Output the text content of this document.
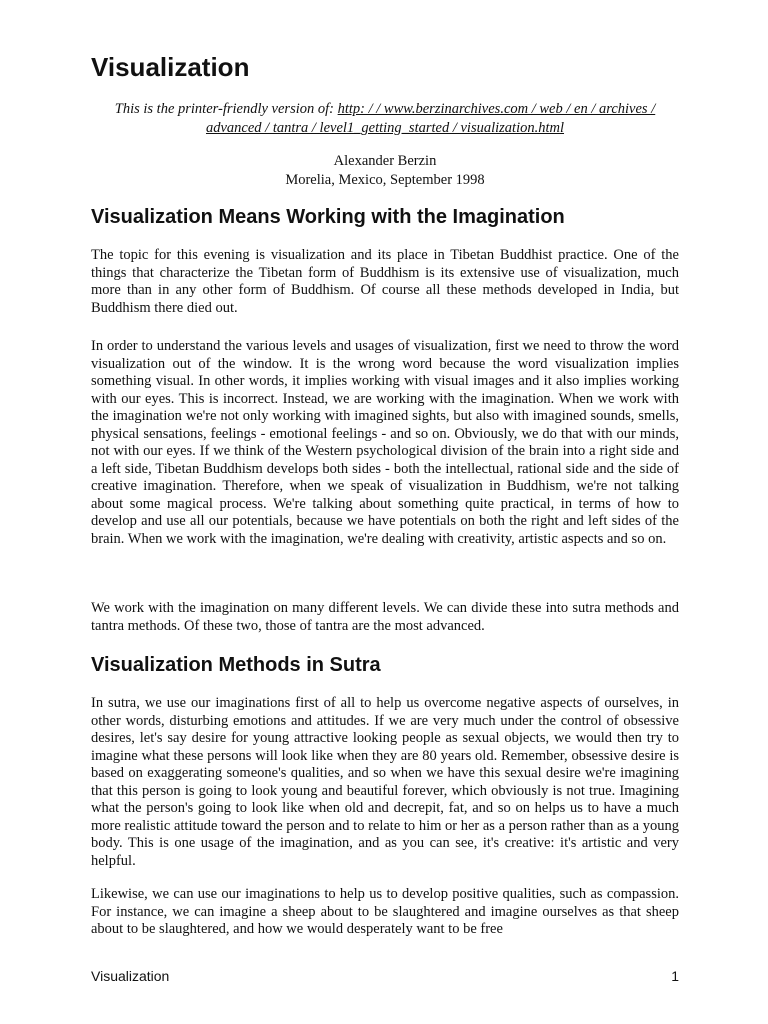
Visualization
This is the printer-friendly version of: http: / / www.berzinarchives.com / web / en / archives /
advanced / tantra / level1_getting_started / visualization.html
Alexander Berzin
Morelia, Mexico, September 1998
Visualization Means Working with the Imagination

The topic for this evening is visualization and its place in Tibetan Buddhist practice. One of the things that characterize the Tibetan form of Buddhism is its extensive use of visualization, much more than in any other form of Buddhism. Of course all these methods developed in India, but Buddhism there died out.

In order to understand the various levels and usages of visualization, first we need to throw the word visualization out of the window. It is the wrong word because the word visualization implies something visual. In other words, it implies working with visual images and it also implies working with our eyes. This is incorrect. Instead, we are working with the imagination. When we work with the imagination we're not only working with imagined sights, but also with imagined sounds, smells, physical sensations, feelings - emotional feelings - and so on. Obviously, we do that with our minds, not with our eyes. If we think of the Western psychological division of the brain into a right side and a left side, Tibetan Buddhism develops both sides - both the intellectual, rational side and the side of creative imagination. Therefore, when we speak of visualization in Buddhism, we're not talking about some magical process. We're talking about something quite practical, in terms of how to develop and use all our potentials, because we have potentials on both the right and left sides of the brain. When we work with the imagination, we're dealing with creativity, artistic aspects and so on.

We work with the imagination on many different levels. We can divide these into sutra methods and tantra methods. Of these two, those of tantra are the most advanced.

Visualization Methods in Sutra

In sutra, we use our imaginations first of all to help us overcome negative aspects of ourselves, in other words, disturbing emotions and attitudes. If we are very much under the control of obsessive desires, let's say desire for young attractive looking people as sexual objects, we would then try to imagine what these persons will look like when they are 80 years old. Remember, obsessive desire is based on exaggerating someone's qualities, and so when we have this sexual desire we're imagining that this person is going to look young and beautiful forever, which obviously is not true. Imagining what the person's going to look like when old and decrepit, fat, and so on helps us to have a much more realistic attitude toward the person and to relate to him or her as a person rather than as a young body. This is one usage of the imagination, and as you can see, it's creative: it's artistic and very helpful.

Likewise, we can use our imaginations to help us to develop positive qualities, such as compassion. For instance, we can imagine a sheep about to be slaughtered and imagine ourselves as that sheep about to be slaughtered, and how we would desperately want to be free

Visualization	1
